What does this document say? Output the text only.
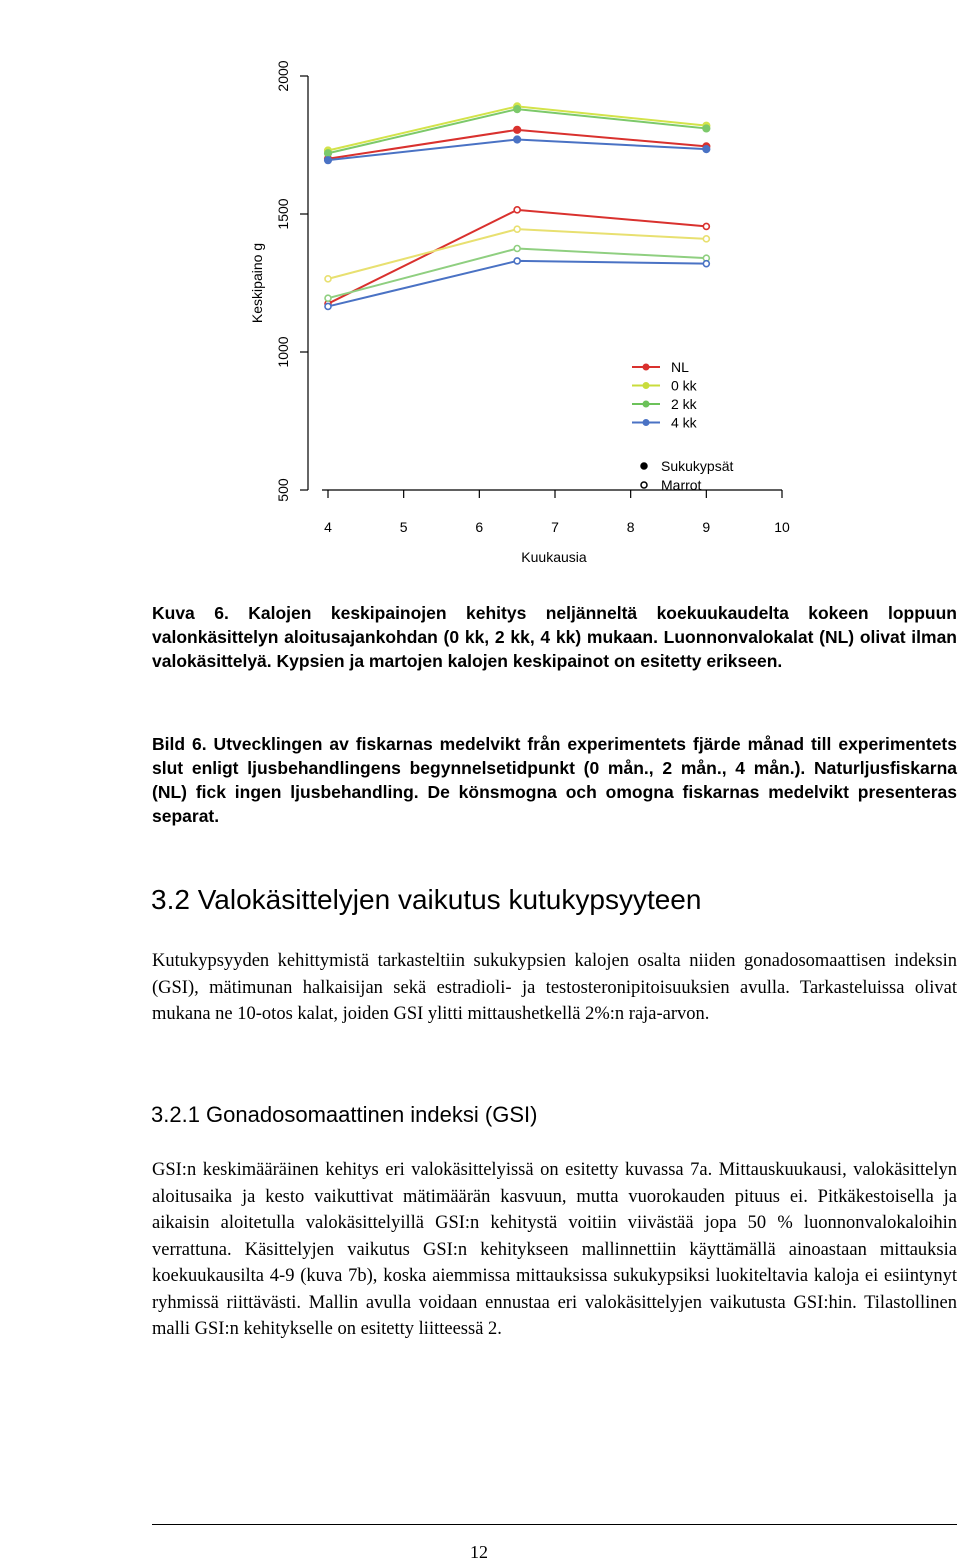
4	5	6	7	8	9	10
500
1000
1500
2000
Kuukausia
Keskipaino g
NL
0 kk
2 kk
4 kk
Sukukypsät
Marrot
Kuva 6. Kalojen keskipainojen kehitys neljänneltä koekuukaudelta kokeen loppuun valonkäsittelyn aloitusajankohdan (0 kk, 2 kk, 4 kk) mukaan. Luonnonvalokalat (NL) olivat ilman valokäsittelyä. Kypsien ja martojen kalojen keskipainot on esitetty erikseen.
Bild 6. Utvecklingen av fiskarnas medelvikt från experimentets fjärde månad till experimentets slut enligt ljusbehandlingens begynnelsetidpunkt (0 mån., 2 mån., 4 mån.). Naturljusfiskarna (NL) fick ingen ljusbehandling. De könsmogna och omogna fiskarnas medelvikt presenteras separat.
3.2 Valokäsittelyjen vaikutus kutukypsyyteen
Kutukypsyyden kehittymistä tarkasteltiin sukukypsien kalojen osalta niiden gonadosomaattisen indeksin (GSI), mätimunan halkaisijan sekä estradioli- ja testosteronipitoisuuksien avulla. Tarkasteluissa olivat mukana ne 10-otos kalat, joiden GSI ylitti mittaushetkellä 2%:n raja-arvon.
3.2.1 Gonadosomaattinen indeksi (GSI)
GSI:n keskimääräinen kehitys eri valokäsittelyissä on esitetty kuvassa 7a. Mittauskuukausi, valokäsittelyn aloitusaika ja kesto vaikuttivat mätimäärän kasvuun, mutta vuorokauden pituus ei. Pitkäkestoisella ja aikaisin aloitetulla valokäsittelyillä GSI:n kehitystä voitiin viivästää jopa 50 % luonnonvalokaloihin verrattuna. Käsittelyjen vaikutus GSI:n kehitykseen mallinnettiin käyttämällä ainoastaan mittauksia koekuukausilta 4-9 (kuva 7b), koska aiemmissa mittauksissa sukukypsiksi luokiteltavia kaloja ei esiintynyt ryhmissä riittävästi. Mallin avulla voidaan ennustaa eri valokäsittelyjen vaikutusta GSI:hin. Tilastollinen malli GSI:n kehitykselle on esitetty liitteessä 2.
12
